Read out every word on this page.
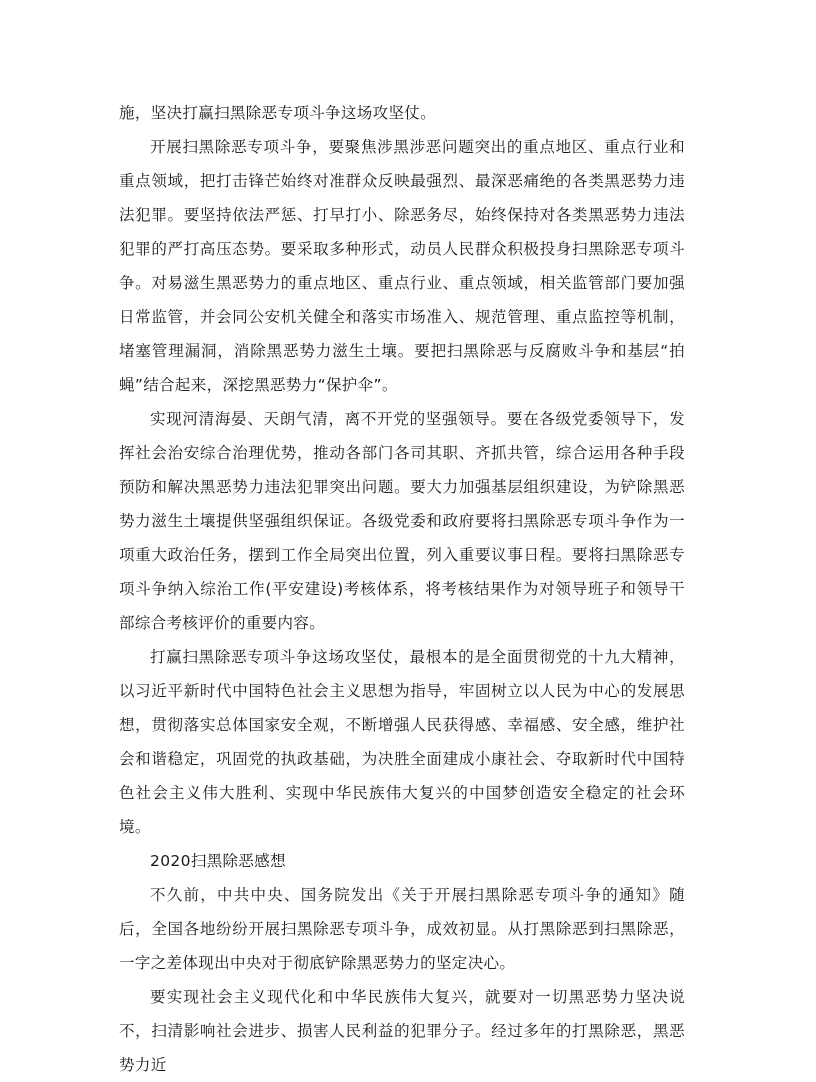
施，坚决打赢扫黑除恶专项斗争这场攻坚仗。

开展扫黑除恶专项斗争，要聚焦涉黑涉恶问题突出的重点地区、重点行业和重点领域，把打击锋芒始终对准群众反映最强烈、最深恶痛绝的各类黑恶势力违法犯罪。要坚持依法严惩、打早打小、除恶务尽，始终保持对各类黑恶势力违法犯罪的严打高压态势。要采取多种形式，动员人民群众积极投身扫黑除恶专项斗争。对易滋生黑恶势力的重点地区、重点行业、重点领域，相关监管部门要加强日常监管，并会同公安机关健全和落实市场准入、规范管理、重点监控等机制，堵塞管理漏洞，消除黑恶势力滋生土壤。要把扫黑除恶与反腐败斗争和基层“拍蝇”结合起来，深挖黑恶势力“保护伞”。

实现河清海晏、天朗气清，离不开党的坚强领导。要在各级党委领导下，发挥社会治安综合治理优势，推动各部门各司其职、齐抓共管，综合运用各种手段预防和解决黑恶势力违法犯罪突出问题。要大力加强基层组织建设，为铲除黑恶势力滋生土壤提供坚强组织保证。各级党委和政府要将扫黑除恶专项斗争作为一项重大政治任务，摆到工作全局突出位置，列入重要议事日程。要将扫黑除恶专项斗争纳入综治工作(平安建设)考核体系，将考核结果作为对领导班子和领导干部综合考核评价的重要内容。

打赢扫黑除恶专项斗争这场攻坚仗，最根本的是全面贯彻党的十九大精神，以习近平新时代中国特色社会主义思想为指导，牢固树立以人民为中心的发展思想，贯彻落实总体国家安全观，不断增强人民获得感、幸福感、安全感，维护社会和谐稳定，巩固党的执政基础，为决胜全面建成小康社会、夺取新时代中国特色社会主义伟大胜利、实现中华民族伟大复兴的中国梦创造安全稳定的社会环境。

2020扫黑除恶感想

不久前，中共中央、国务院发出《关于开展扫黑除恶专项斗争的通知》随后，全国各地纷纷开展扫黑除恶专项斗争，成效初显。从打黑除恶到扫黑除恶，一字之差体现出中央对于彻底铲除黑恶势力的坚定决心。

要实现社会主义现代化和中华民族伟大复兴，就要对一切黑恶势力坚决说不，扫清影响社会进步、损害人民利益的犯罪分子。经过多年的打黑除恶，黑恶势力近
